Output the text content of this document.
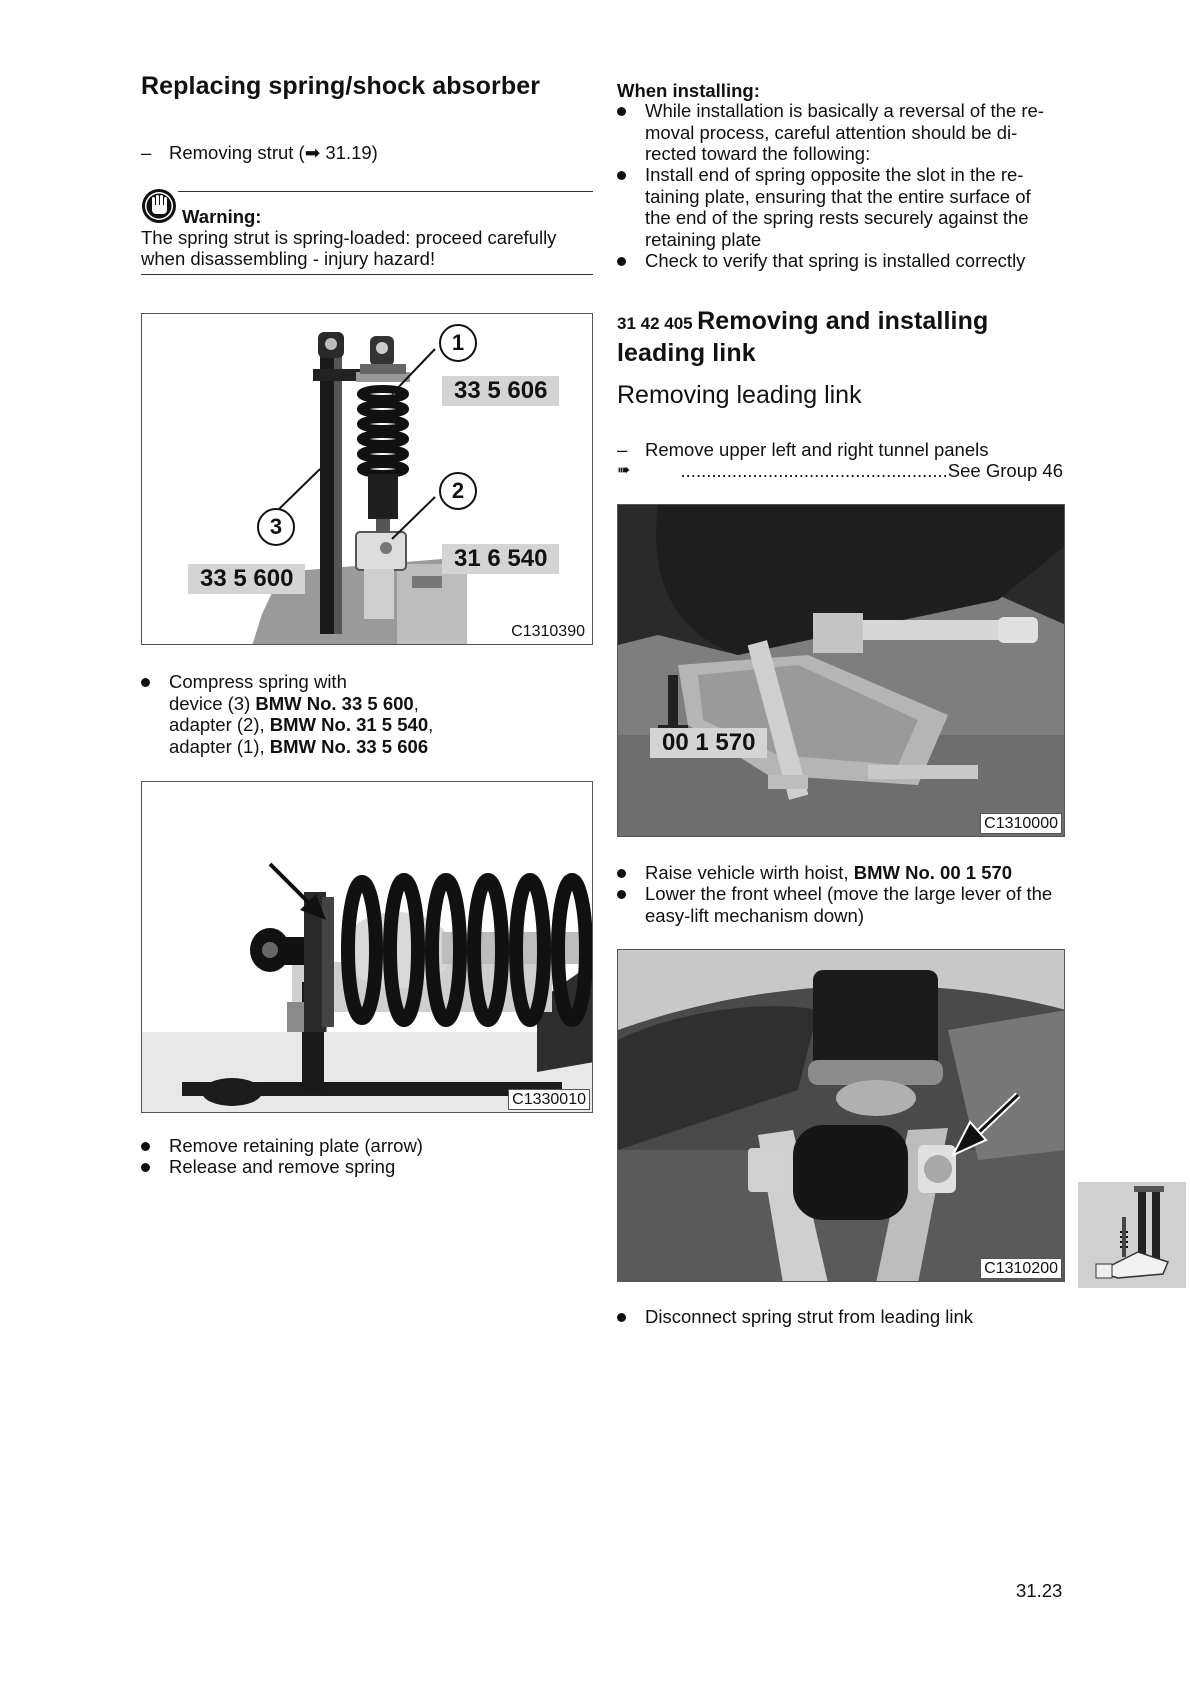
Replacing spring/shock absorber
– Removing strut (➡ 31.19)
Warning:
The spring strut is spring-loaded: proceed carefully
when disassembling - injury hazard!
1
2
3
33 5 606
31 6 540
33 5 600
C1310390
Compress spring with
device (3) BMW No. 33 5 600,
adapter (2), BMW No. 31 5 540,
adapter (1), BMW No. 33 5 606
C1330010
Remove retaining plate (arrow)
Release and remove spring
When installing:
While installation is basically a reversal of the re-
moval process, careful attention should be di-
rected toward the following:
Install end of spring opposite the slot in the re-
taining plate, ensuring that the entire surface of
the end of the spring rests securely against the
retaining plate
Check to verify that spring is installed correctly
31 42 405 Removing and installing
leading link
Removing leading link
– Remove upper left and right tunnel panels
➠	....................................................See Group 46
00 1 570
C1310000
Raise vehicle wirth hoist, BMW No. 00 1 570
Lower the front wheel (move the large lever of the
easy-lift mechanism down)
C1310200
Disconnect spring strut from leading link
31.23
